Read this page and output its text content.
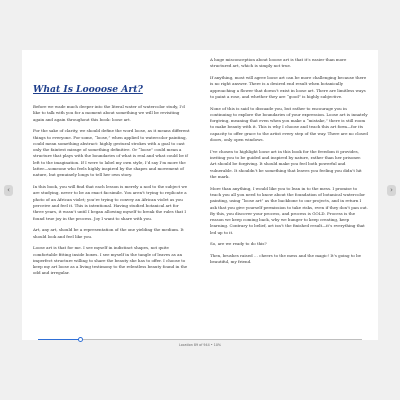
‹
What Is Loooose Art?

Before we wade much deeper into the literal water of watercolor study, I’d like to talk with you for a moment about something we will be revisiting again and again throughout this book: loose art.

For the sake of clarity, we should define the word loose, as it means different things to everyone. For some, “loose,” when applied to watercolor painting, could mean something abstract: highly gestural strokes with a goal to cast only the faintest mirage of something definitive. Or “loose” could mean a structure that plays with the boundaries of what is real and what could be if left to the imagination. If I were to label my own style, I’d say I’m more the latter—someone who feels highly inspired by the shapes and movement of nature, but genuinely longs to tell her own story.

In this book, you will find that each lesson is merely a nod to the subject we are studying, never to be an exact facsimile. You aren’t trying to replicate a photo of an African violet; you’re trying to convey an African violet as you perceive and feel it. This is intentional. Having studied botanical art for three years, it wasn’t until I began allowing myself to break the rules that I found true joy in the process. Joy I want to share with you.

Art, any art, should be a representation of the one yielding the medium. It should look and feel like you.

Loose art is that for me. I see myself in indistinct shapes, not quite comfortable fitting inside boxes. I see myself in the tangle of leaves as an imperfect structure willing to share the beauty she has to offer. I choose to keep my art loose as a living testimony to the relentless beauty found in the odd and irregular.

A huge misconception about looose art is that it’s easier than more structured art, which is simply not true.

If anything, most will agree loose art can be more challenging because there is no right answer. There is a desired end result when botanically approaching a flower that doesn’t exist in loose art. There are limitless ways to paint a rose, and whether they are “good” is highly subjective.

None of this is said to dissuade you, but rather to encourage you in continuing to explore the boundaries of your expression. Loose art is innately forgiving, meaning that even when you make a “mistake,” there is still room to make beauty with it. This is why I choose and teach this art form—for its capacity to offer grace to the artist every step of the way. There are no closed doors, only open windows.

I’ve chosen to highlight loose art in this book for the freedom it provides, inviting you to be guided and inspired by nature, rather than her prisoner. Art should be forgiving. It should make you feel both powerful and vulnerable. It shouldn’t be something that leaves you feeling you didn’t hit the mark.

More than anything, I would like you to lean in to the mess. I promise to teach you all you need to know about the foundation of botanical watercolor painting, using “loose art” as the backbone to our projects, and in return I ask that you give yourself permission to take risks, even if they don’t pan out. By this, you discover your process, and process is GOLD. Process is the reason we keep coming back, why we hunger to keep creating, keep learning. Contrary to belief, art isn’t the finished result—it’s everything that led up to it.

So, are we ready to do this?

Then, brushes raised … cheers to the mess and the magic! It’s going to be beautiful, my friend.

›
Location 89 of 944 • 10%
